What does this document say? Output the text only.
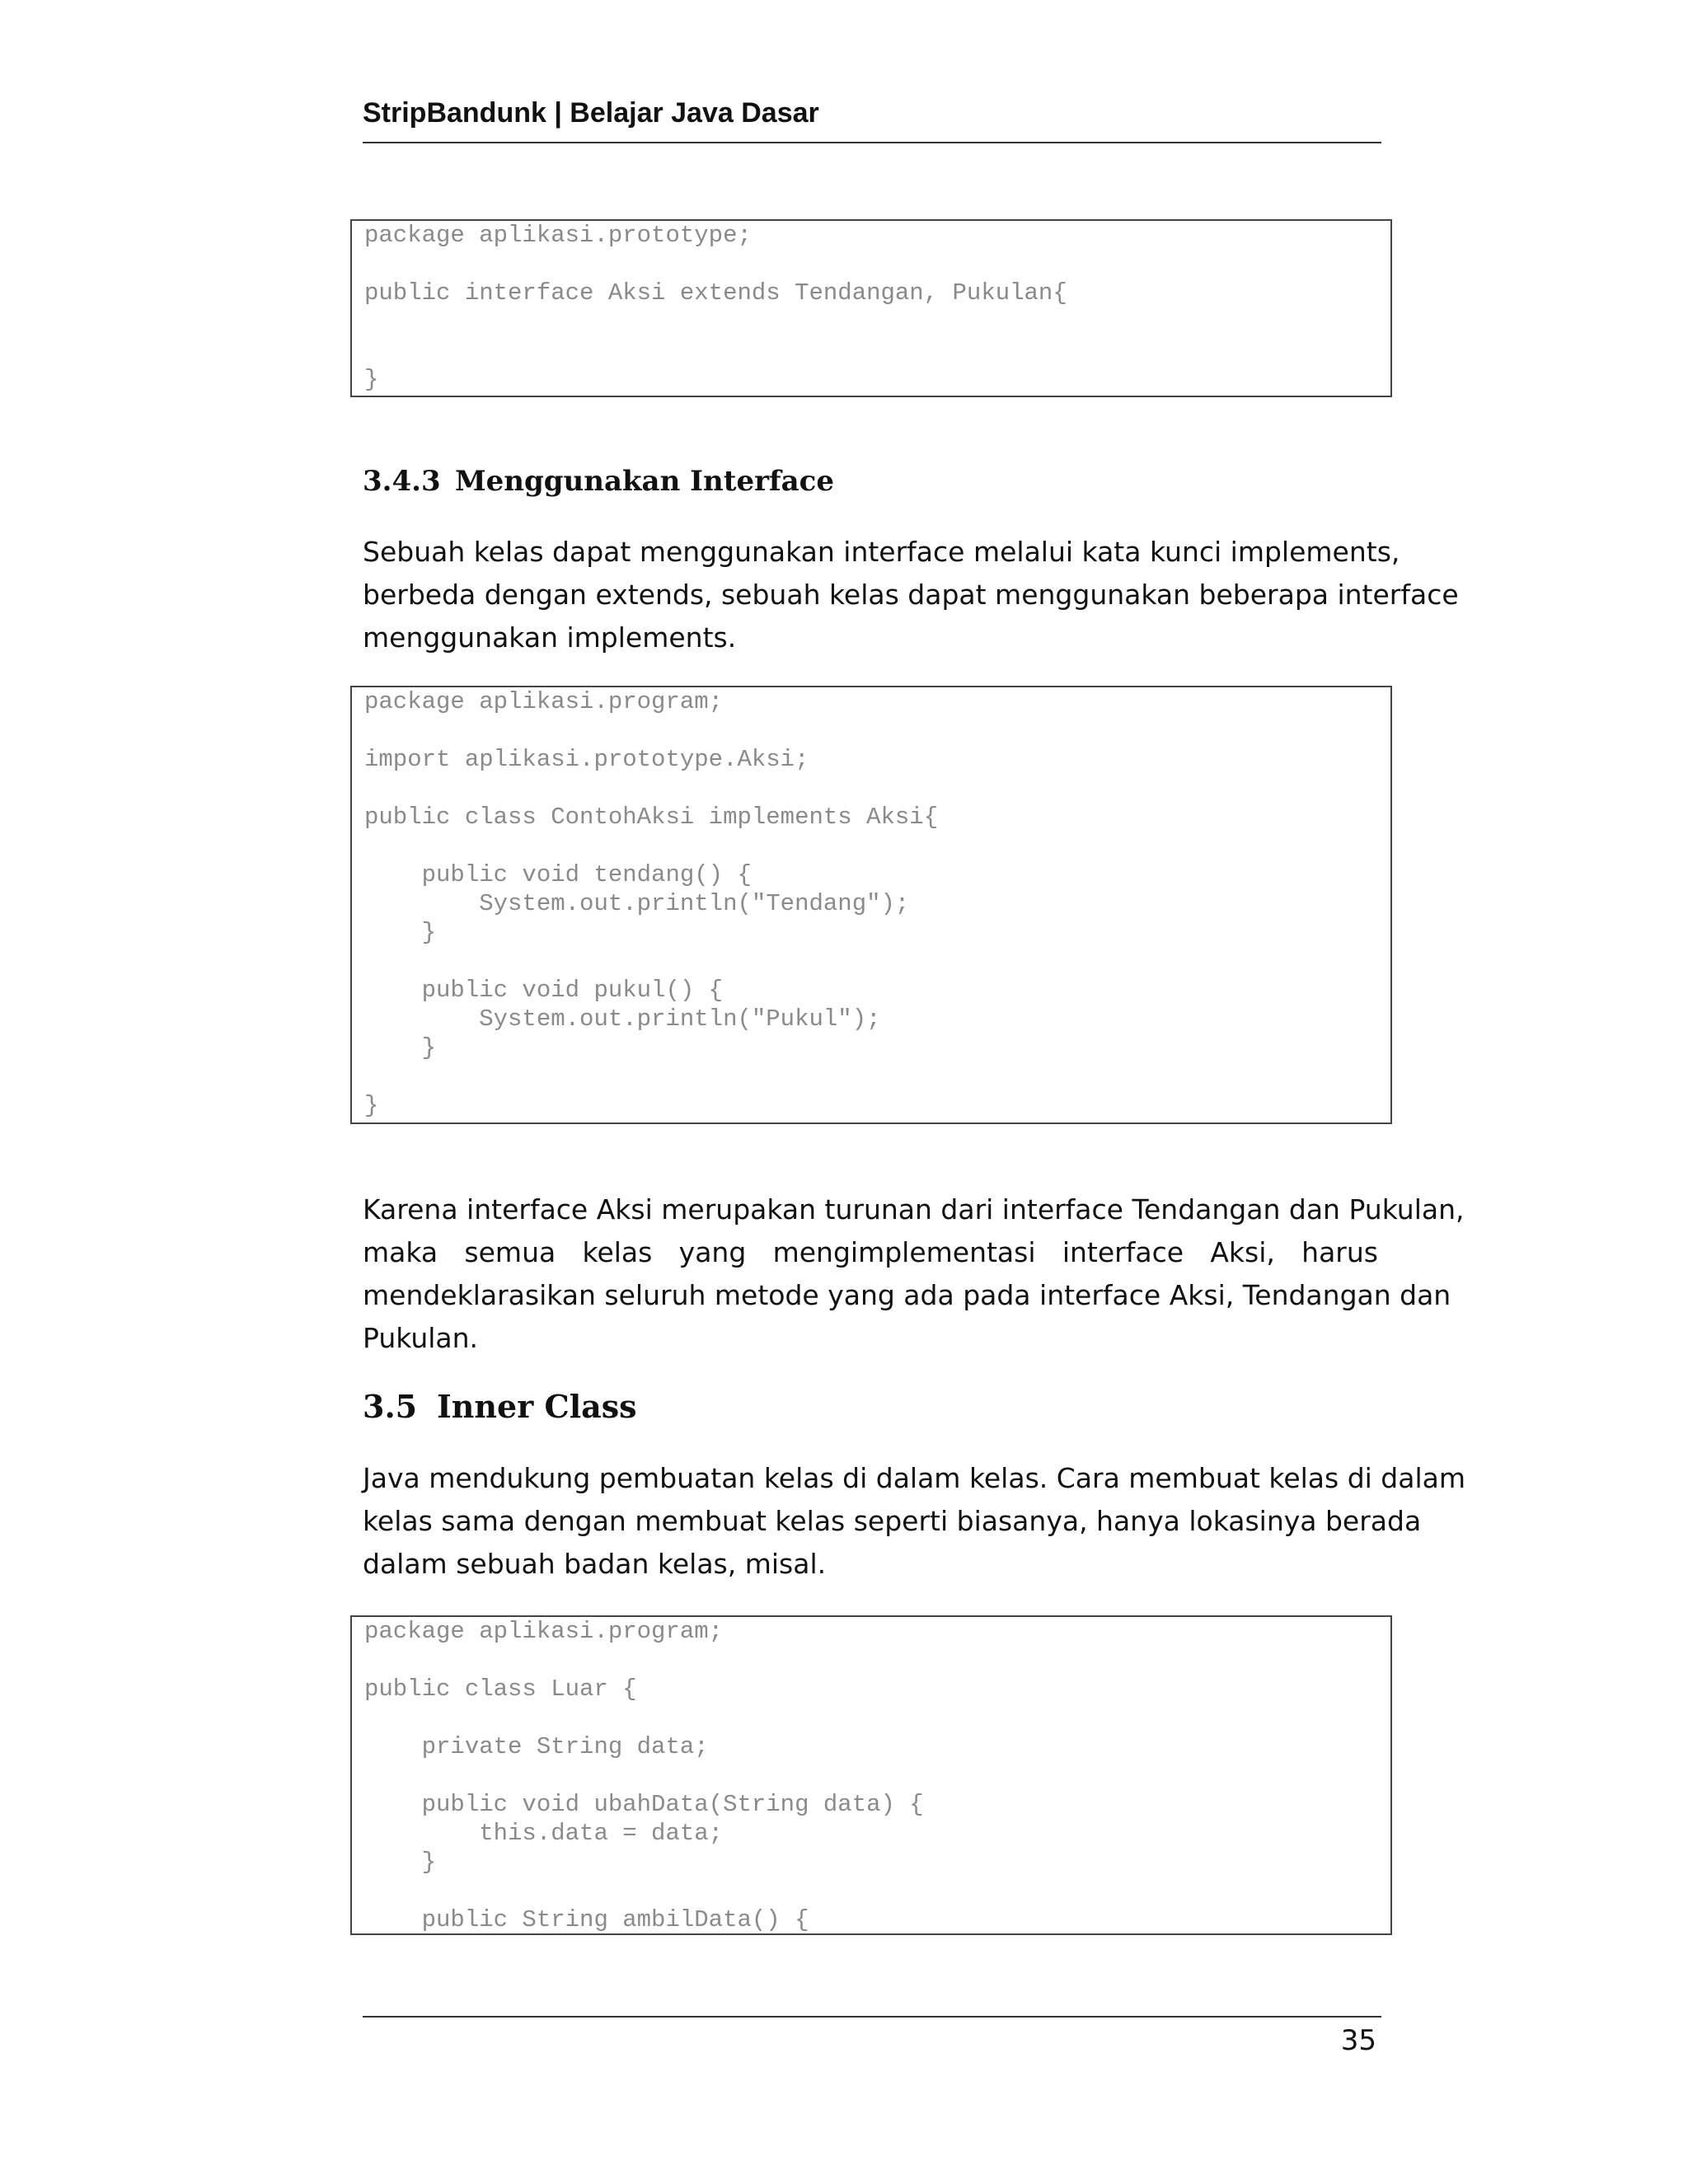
StripBandunk | Belajar Java Dasar
package aplikasi.prototype;
public interface Aksi extends Tendangan, Pukulan{
}
3.4.3 Menggunakan Interface
Sebuah kelas dapat menggunakan interface melalui kata kunci implements,
berbeda dengan extends, sebuah kelas dapat menggunakan beberapa interface
menggunakan implements.
package aplikasi.program;
import aplikasi.prototype.Aksi;
public class ContohAksi implements Aksi{
public void tendang() {
System.out.println("Tendang");
}
public void pukul() {
System.out.println("Pukul");
}
}
Karena interface Aksi merupakan turunan dari interface Tendangan dan Pukulan,
maka semua kelas yang mengimplementasi interface Aksi, harus
mendeklarasikan seluruh metode yang ada pada interface Aksi, Tendangan dan
Pukulan.
3.5 Inner Class
Java mendukung pembuatan kelas di dalam kelas. Cara membuat kelas di dalam
kelas sama dengan membuat kelas seperti biasanya, hanya lokasinya berada
dalam sebuah badan kelas, misal.
package aplikasi.program;
public class Luar {
private String data;
public void ubahData(String data) {
this.data = data;
}
public String ambilData() {
35
